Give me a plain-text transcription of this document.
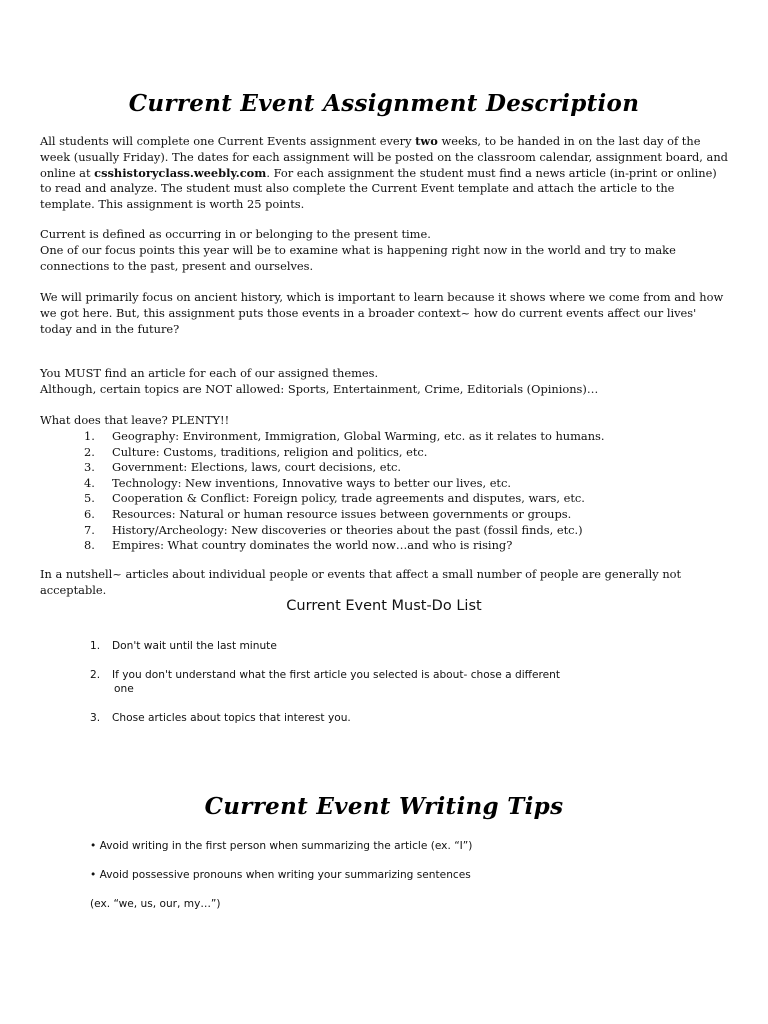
Current Event Assignment Description

All students will complete one Current Events assignment every two weeks, to be handed in on the last day of the week (usually Friday). The dates for each assignment will be posted on the classroom calendar, assignment board, and online at csshistoryclass.weebly.com. For each assignment the student must find a news article (in-print or online) to read and analyze. The student must also complete the Current Event template and attach the article to the template. This assignment is worth 25 points.

Current is defined as occurring in or belonging to the present time.

One of our focus points this year will be to examine what is happening right now in the world and try to make connections to the past, present and ourselves.

We will primarily focus on ancient history, which is important to learn because it shows where we come from and how we got here. But, this assignment puts those events in a broader context~ how do current events affect our lives' today and in the future?

You MUST find an article for each of our assigned themes.

Although, certain topics are NOT allowed: Sports, Entertainment, Crime, Editorials (Opinions)…

What does that leave? PLENTY!!

1.	Geography: Environment, Immigration, Global Warming, etc. as it relates to humans.
2.	Culture: Customs, traditions, religion and politics, etc.
3.	Government: Elections, laws, court decisions, etc.
4.	Technology: New inventions, Innovative ways to better our lives, etc.
5.	Cooperation & Conflict: Foreign policy, trade agreements and disputes, wars, etc.
6.	Resources: Natural or human resource issues between governments or groups.
7.	History/Archeology: New discoveries or theories about the past (fossil finds, etc.)
8.	Empires: What country dominates the world now…and who is rising?

In a nutshell~ articles about individual people or events that affect a small number of people are generally not acceptable.

Current Event Must-Do List
1. Don't wait until the last minute
2. If you don't understand what the first article you selected is about- chose a different
one
3. Chose articles about topics that interest you.
Current Event Writing Tips
• Avoid writing in the first person when summarizing the article (ex. “I”)
• Avoid possessive pronouns when writing your summarizing sentences
(ex. “we, us, our, my…”)
